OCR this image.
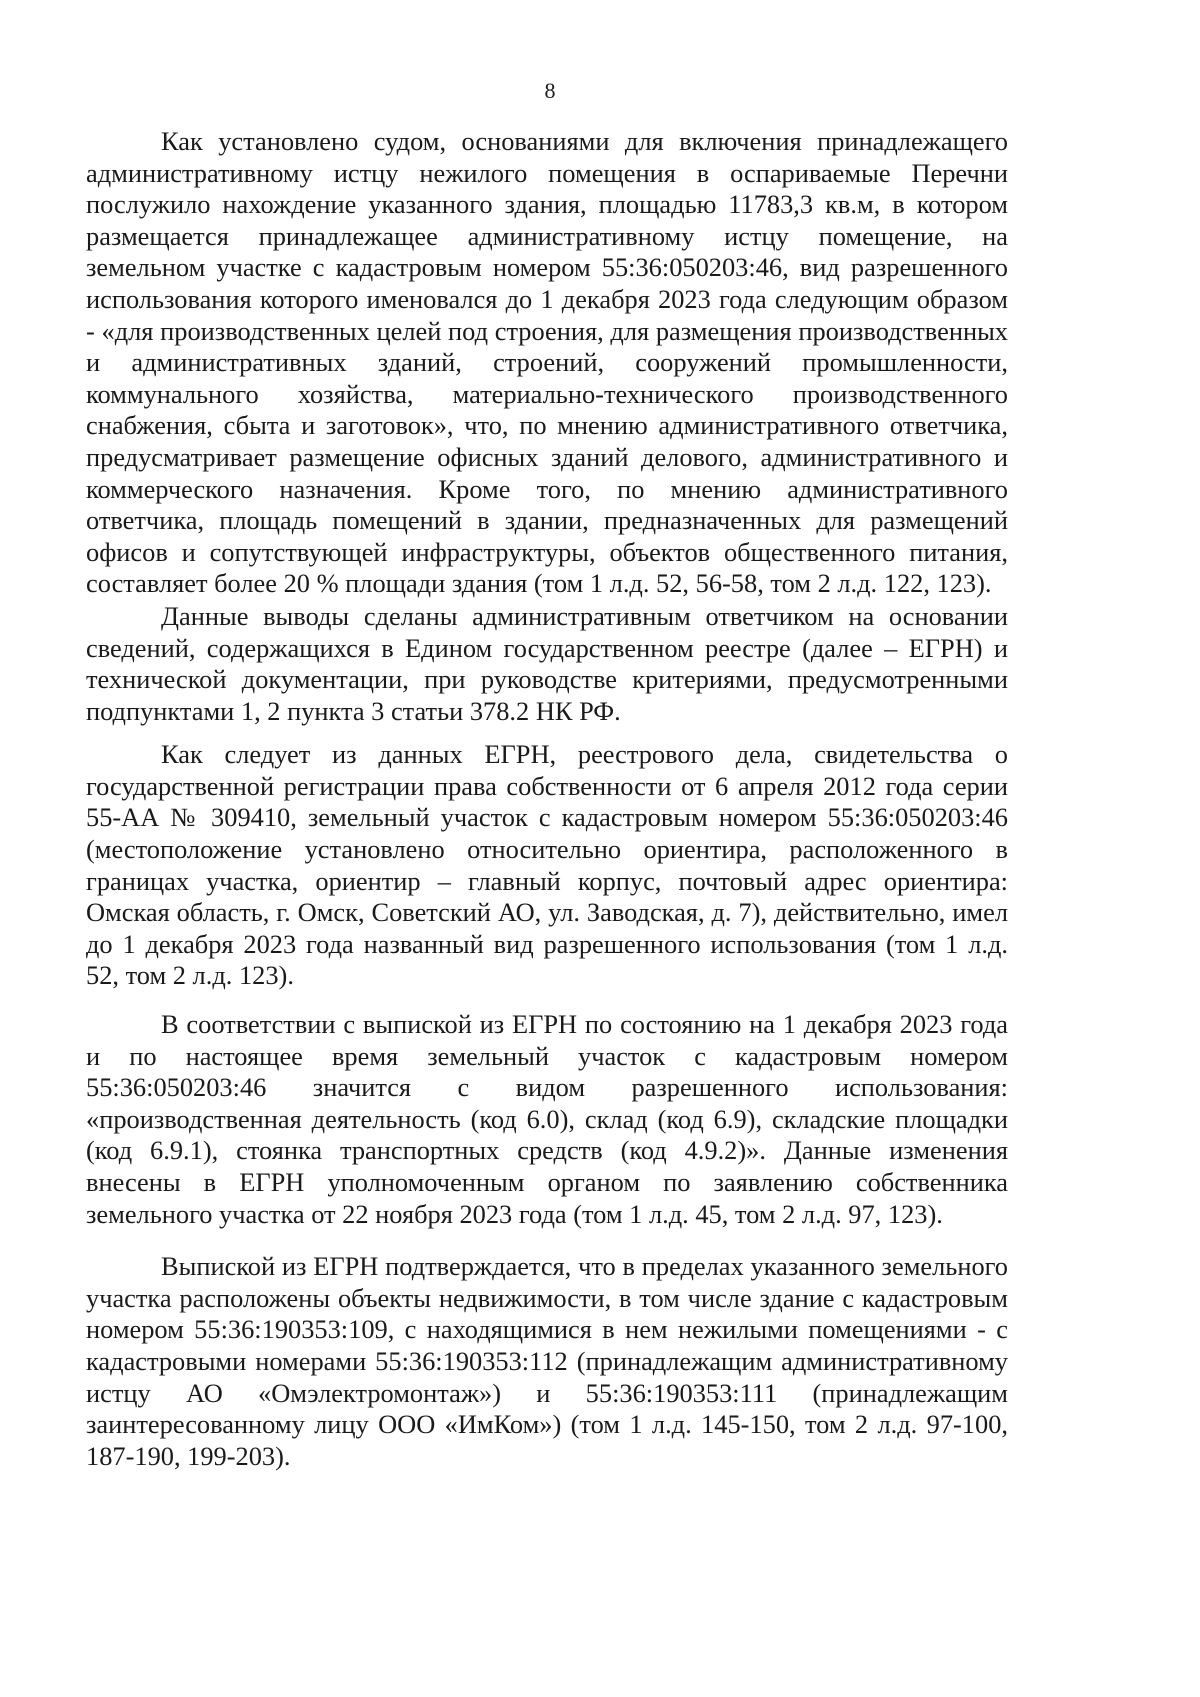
8

Как установлено судом, основаниями для включения принадлежащего административному истцу нежилого помещения в оспариваемые Перечни послужило нахождение указанного здания, площадью 11783,3 кв.м, в котором размещается принадлежащее административному истцу помещение, на земельном участке с кадастровым номером 55:36:050203:46, вид разрешенного использования которого именовался до 1 декабря 2023 года следующим образом - «для производственных целей под строения, для размещения производственных и административных зданий, строений, сооружений промышленности, коммунального хозяйства, материально-технического производственного снабжения, сбыта и заготовок», что, по мнению административного ответчика, предусматривает размещение офисных зданий делового, административного и коммерческого назначения. Кроме того, по мнению административного ответчика, площадь помещений в здании, предназначенных для размещений офисов и сопутствующей инфраструктуры, объектов общественного питания, составляет более 20 % площади здания (том 1 л.д. 52, 56-58, том 2 л.д. 122, 123).

Данные выводы сделаны административным ответчиком на основании сведений, содержащихся в Едином государственном реестре (далее – ЕГРН) и технической документации, при руководстве критериями, предусмотренными подпунктами 1, 2 пункта 3 статьи 378.2 НК РФ.

Как следует из данных ЕГРН, реестрового дела, свидетельства о государственной регистрации права собственности от 6 апреля 2012 года серии 55-АА № 309410, земельный участок с кадастровым номером 55:36:050203:46 (местоположение установлено относительно ориентира, расположенного в границах участка, ориентир – главный корпус, почтовый адрес ориентира: Омская область, г. Омск, Советский АО, ул. Заводская, д. 7), действительно, имел до 1 декабря 2023 года названный вид разрешенного использования (том 1 л.д. 52, том 2 л.д. 123).

В соответствии с выпиской из ЕГРН по состоянию на 1 декабря 2023 года и по настоящее время земельный участок с кадастровым номером 55:36:050203:46 значится с видом разрешенного использования: «производственная деятельность (код 6.0), склад (код 6.9), складские площадки (код 6.9.1), стоянка транспортных средств (код 4.9.2)». Данные изменения внесены в ЕГРН уполномоченным органом по заявлению собственника земельного участка от 22 ноября 2023 года (том 1 л.д. 45, том 2 л.д. 97, 123).

Выпиской из ЕГРН подтверждается, что в пределах указанного земельного участка расположены объекты недвижимости, в том числе здание с кадастровым номером 55:36:190353:109, с находящимися в нем нежилыми помещениями - с кадастровыми номерами 55:36:190353:112 (принадлежащим административному истцу АО «Омэлектромонтаж») и 55:36:190353:111 (принадлежащим заинтересованному лицу ООО «ИмКом») (том 1 л.д. 145-150, том 2 л.д. 97-100, 187-190, 199-203).
